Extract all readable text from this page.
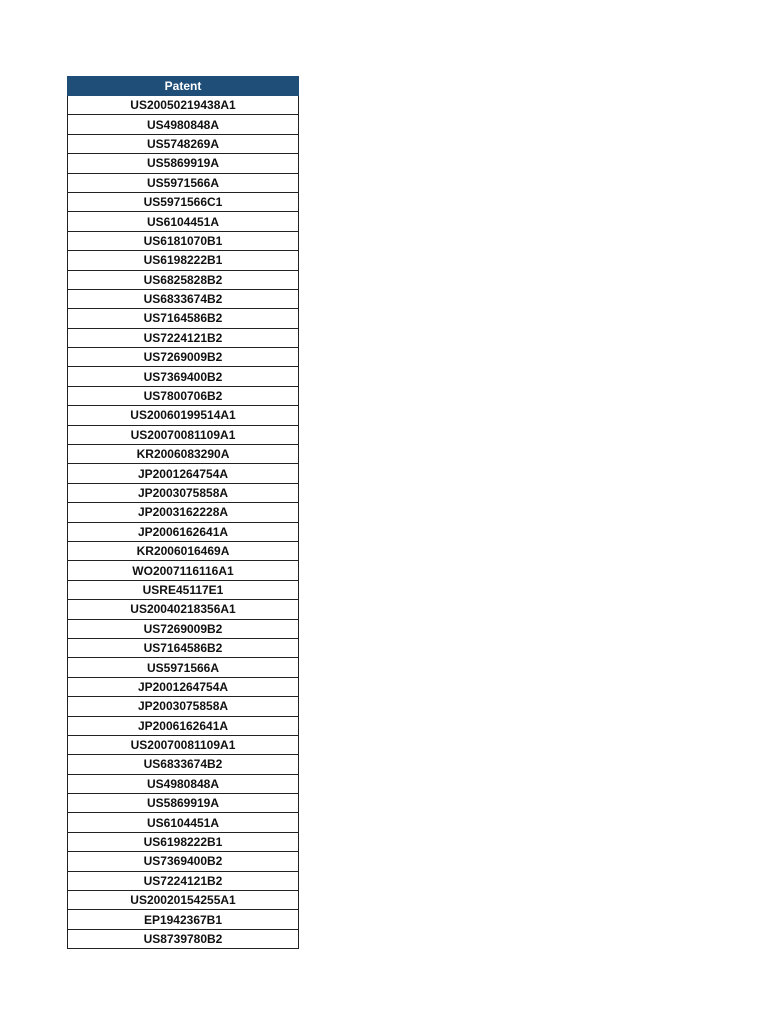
Patent
US20050219438A1
US4980848A
US5748269A
US5869919A
US5971566A
US5971566C1
US6104451A
US6181070B1
US6198222B1
US6825828B2
US6833674B2
US7164586B2
US7224121B2
US7269009B2
US7369400B2
US7800706B2
US20060199514A1
US20070081109A1
KR2006083290A
JP2001264754A
JP2003075858A
JP2003162228A
JP2006162641A
KR2006016469A
WO2007116116A1
USRE45117E1
US20040218356A1
US7269009B2
US7164586B2
US5971566A
JP2001264754A
JP2003075858A
JP2006162641A
US20070081109A1
US6833674B2
US4980848A
US5869919A
US6104451A
US6198222B1
US7369400B2
US7224121B2
US20020154255A1
EP1942367B1
US8739780B2
